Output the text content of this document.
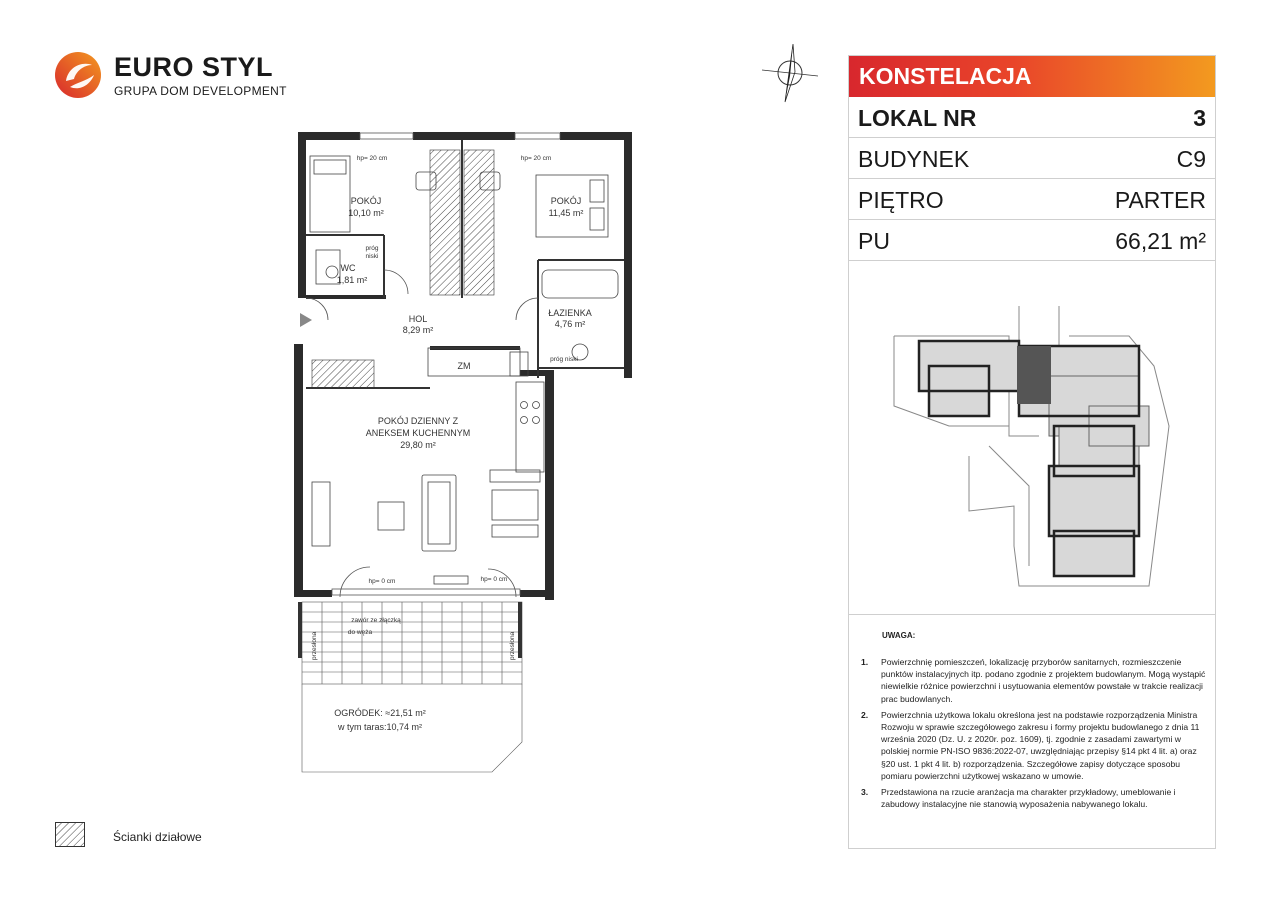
EURO STYL
GRUPA DOM DEVELOPMENT
POKÓJ
10,10 m²
POKÓJ
11,45 m²
WC
1,81 m²
HOL
8,29 m²
ŁAZIENKA
4,76 m²
POKÓJ DZIENNY Z
ANEKSEM KUCHENNYM
29,80 m²
hp= 20 cm	hp= 20 cm
próg
niski
próg niski
ZM
hp= 0 cm	hp= 0 cm
zawór ze złączką
do węża
przesłona	przesłona
OGRÓDEK: ≈21,51 m²
w tym taras:10,74 m²
Ścianki działowe
KONSTELACJA
LOKAL NR	3
BUDYNEK	C9
PIĘTRO	PARTER
PU	66,21 m²
UWAGA:
1. Powierzchnię pomieszczeń, lokalizację przyborów sanitarnych, rozmieszczenie punktów instalacyjnych itp. podano zgodnie z projektem budowlanym. Mogą wystąpić niewielkie różnice powierzchni i usytuowania elementów powstałe w trakcie realizacji prac budowlanych.
2. Powierzchnia użytkowa lokalu określona jest na podstawie rozporządzenia Ministra Rozwoju w sprawie szczegółowego zakresu i formy projektu budowlanego z dnia 11 września 2020 (Dz. U. z 2020r. poz. 1609), tj. zgodnie z zasadami zawartymi w polskiej normie PN-ISO 9836:2022-07, uwzględniając przepisy §14 pkt 4 lit. a) oraz §20 ust. 1 pkt 4 lit. b) rozporządzenia. Szczegółowe zapisy dotyczące sposobu pomiaru powierzchni użytkowej wskazano w umowie.
3. Przedstawiona na rzucie aranżacja ma charakter przykładowy, umeblowanie i zabudowy instalacyjne nie stanowią wyposażenia nabywanego lokalu.
